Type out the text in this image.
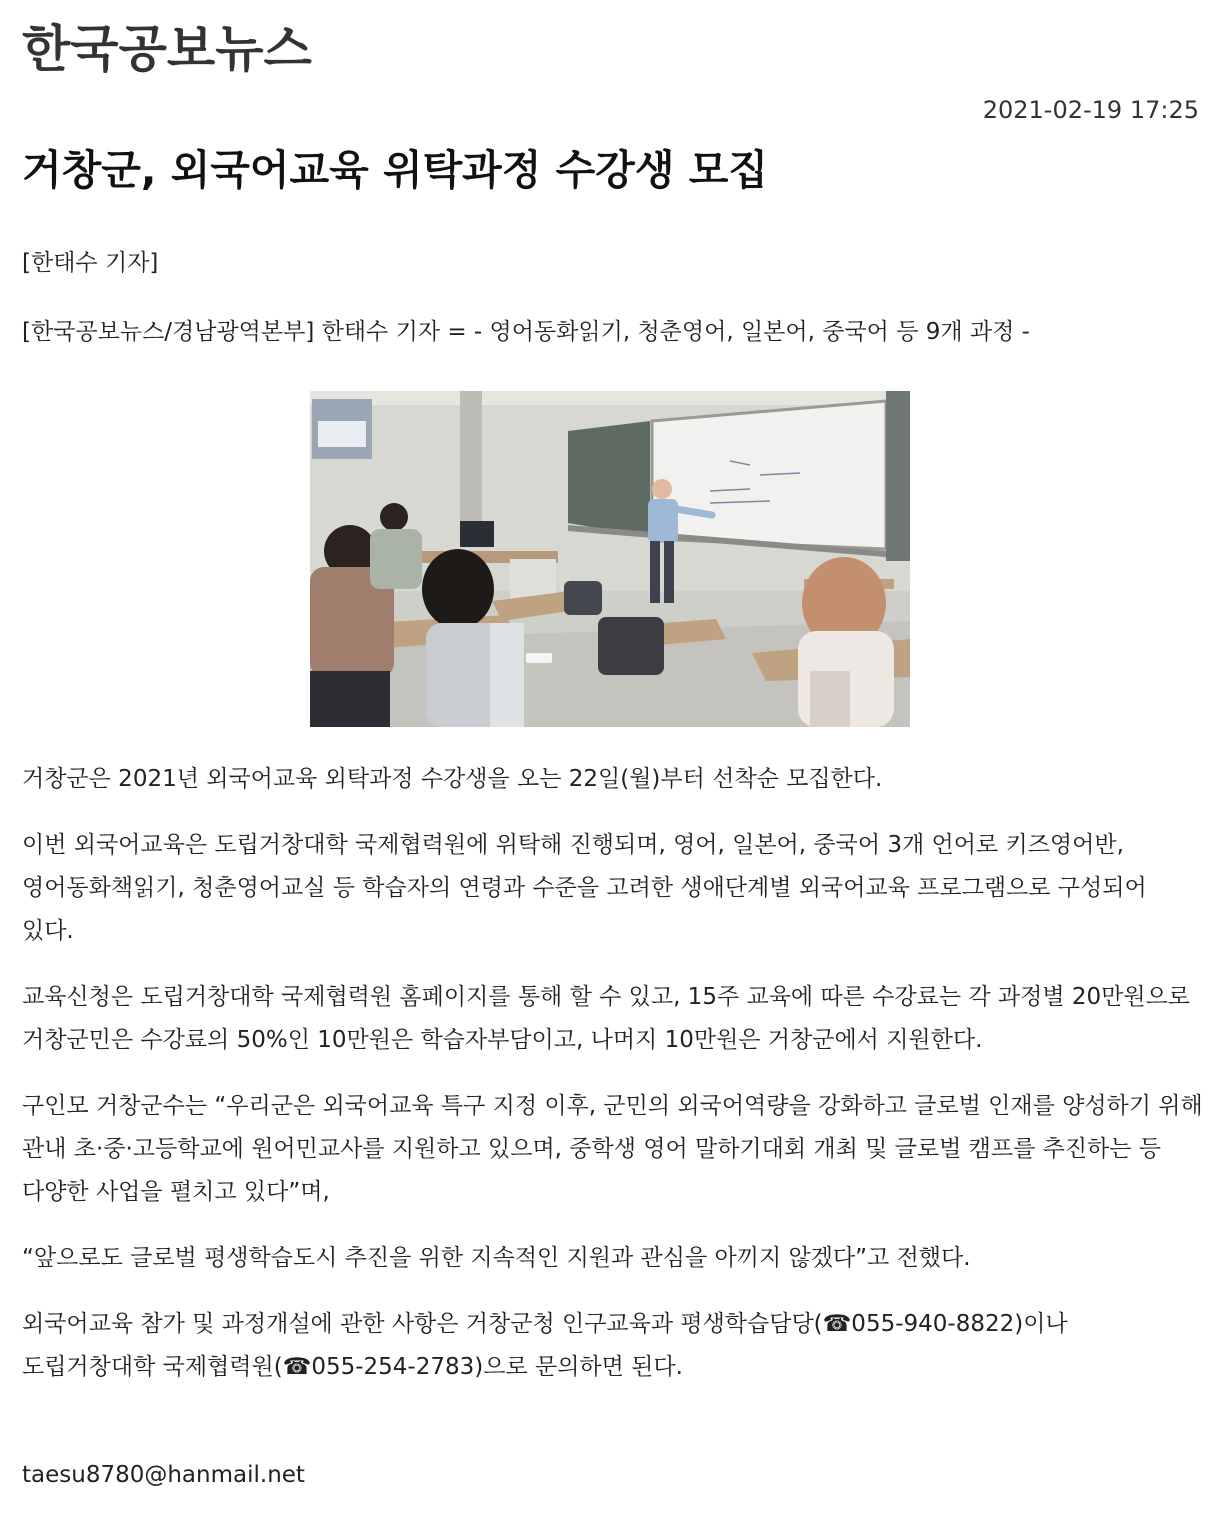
한국공보뉴스
2021-02-19 17:25
거창군, 외국어교육 위탁과정 수강생 모집
[한태수 기자]
[한국공보뉴스/경남광역본부] 한태수 기자 = - 영어동화읽기, 청춘영어, 일본어, 중국어 등 9개 과정 -

거창군은 2021년 외국어교육 외탁과정 수강생을 오는 22일(월)부터 선착순 모집한다.

이번 외국어교육은 도립거창대학 국제협력원에 위탁해 진행되며, 영어, 일본어, 중국어 3개 언어로 키즈영어반, 영어동화책읽기, 청춘영어교실 등 학습자의 연령과 수준을 고려한 생애단계별 외국어교육 프로그램으로 구성되어 있다.

교육신청은 도립거창대학 국제협력원 홈페이지를 통해 할 수 있고, 15주 교육에 따른 수강료는 각 과정별 20만원으로 거창군민은 수강료의 50%인 10만원은 학습자부담이고, 나머지 10만원은 거창군에서 지원한다.

구인모 거창군수는 “우리군은 외국어교육 특구 지정 이후, 군민의 외국어역량을 강화하고 글로벌 인재를 양성하기 위해 관내 초·중·고등학교에 원어민교사를 지원하고 있으며, 중학생 영어 말하기대회 개최 및 글로벌 캠프를 추진하는 등 다양한 사업을 펼치고 있다”며,

“앞으로도 글로벌 평생학습도시 추진을 위한 지속적인 지원과 관심을 아끼지 않겠다”고 전했다.

외국어교육 참가 및 과정개설에 관한 사항은 거창군청 인구교육과 평생학습담당(☎055-940-8822)이나 도립거창대학 국제협력원(☎055-254-2783)으로 문의하면 된다.

taesu8780@hanmail.net
